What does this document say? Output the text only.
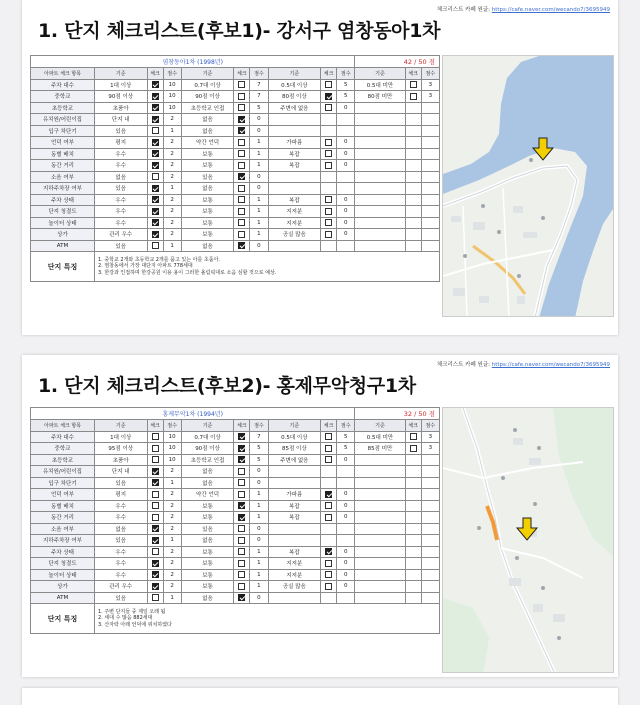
체크리스트 카페 원글: https://cafe.naver.com/wecando7/3695949
1. 단지 체크리스트(후보1)- 강서구 염창동아1차
염창동아1차 (1998년)										42 / 50 점		
아파트 체크 항목	기준	체크	점수	기준	체크	점수	기준	체크	점수	기준	체크	점수
주차 대수	1대 이상		10	0.7대 이상		7	0.5대 이상		5	0.5대 미만		3
중학교	90점 이상		10	90점 이상		7	80점 이상		5	80점 미만		3
초등학교	초품아		10	초등학교 인접		5	주변에 없음		0			
유치원/어린이집	단지 내		2	없음		0						
입구 차단기	있음		1	없음		0						
언덕 여부	평지		2	약간 언덕		1	가파름		0			
동별 배치	우수		2	보통		1	복잡		0			
동간 거리	우수		2	보통		1	복잡		0			
소음 여부	없음		2	있음		0						
지하주차장 여부	있음		1	없음		0						
주차 상태	우수		2	보통		1	복잡		0			
단지 청결도	우수		2	보통		1	지저분		0			
놀이터 상태	우수		2	보통		1	지저분		0			
상가	관리 우수		2	보통		1	공실 많음		0			
ATM	있음		1	없음		0						
단지 특징	1. 중학교 2개와 초등학교 2개를 품고 있는 아를 초품아.
2. 염창동에서 가장 대단지 아파트 778세대
3. 한강과 인접하며 한강공원 이용 용이 그러한 올림픽대로 소음 심할 것으로 예상.											
체크리스트 카페 원글: https://cafe.naver.com/wecando7/3695949
1. 단지 체크리스트(후보2)- 홍제무악청구1차
홍제무악1차 (1994년)										32 / 50 점		
아파트 체크 항목	기준	체크	점수	기준	체크	점수	기준	체크	점수	기준	체크	점수
주차 대수	1대 이상		10	0.7대 이상		7	0.5대 이상		5	0.5대 미만		3
중학교	95점 이상		10	90점 이상		5	85점 이상		5	85점 미만		3
초등학교	초품아		10	초등학교 인접		5	주변에 없음		0			
유치원/어린이집	단지 내		2	없음		0						
입구 차단기	있음		1	없음		0						
언덕 여부	평지		2	약간 언덕		1	가파름		0			
동별 배치	우수		2	보통		1	복잡		0			
동간 거리	우수		2	보통		1	복잡		0			
소음 여부	없음		2	있음		0						
지하주차장 여부	있음		1	없음		0						
주차 상태	우수		2	보통		1	복잡		0			
단지 청결도	우수		2	보통		1	지저분		0			
놀이터 상태	우수		2	보통		1	지저분		0			
상가	관리 우수		2	보통		1	공실 많음		0			
ATM	있음		1	없음		0						
단지 특징	1. 주변 단지들 중 제일 오래 됨
2. 세대 수 많음 882세대
3. 산자락 아래 언덕에 위치하였다											
